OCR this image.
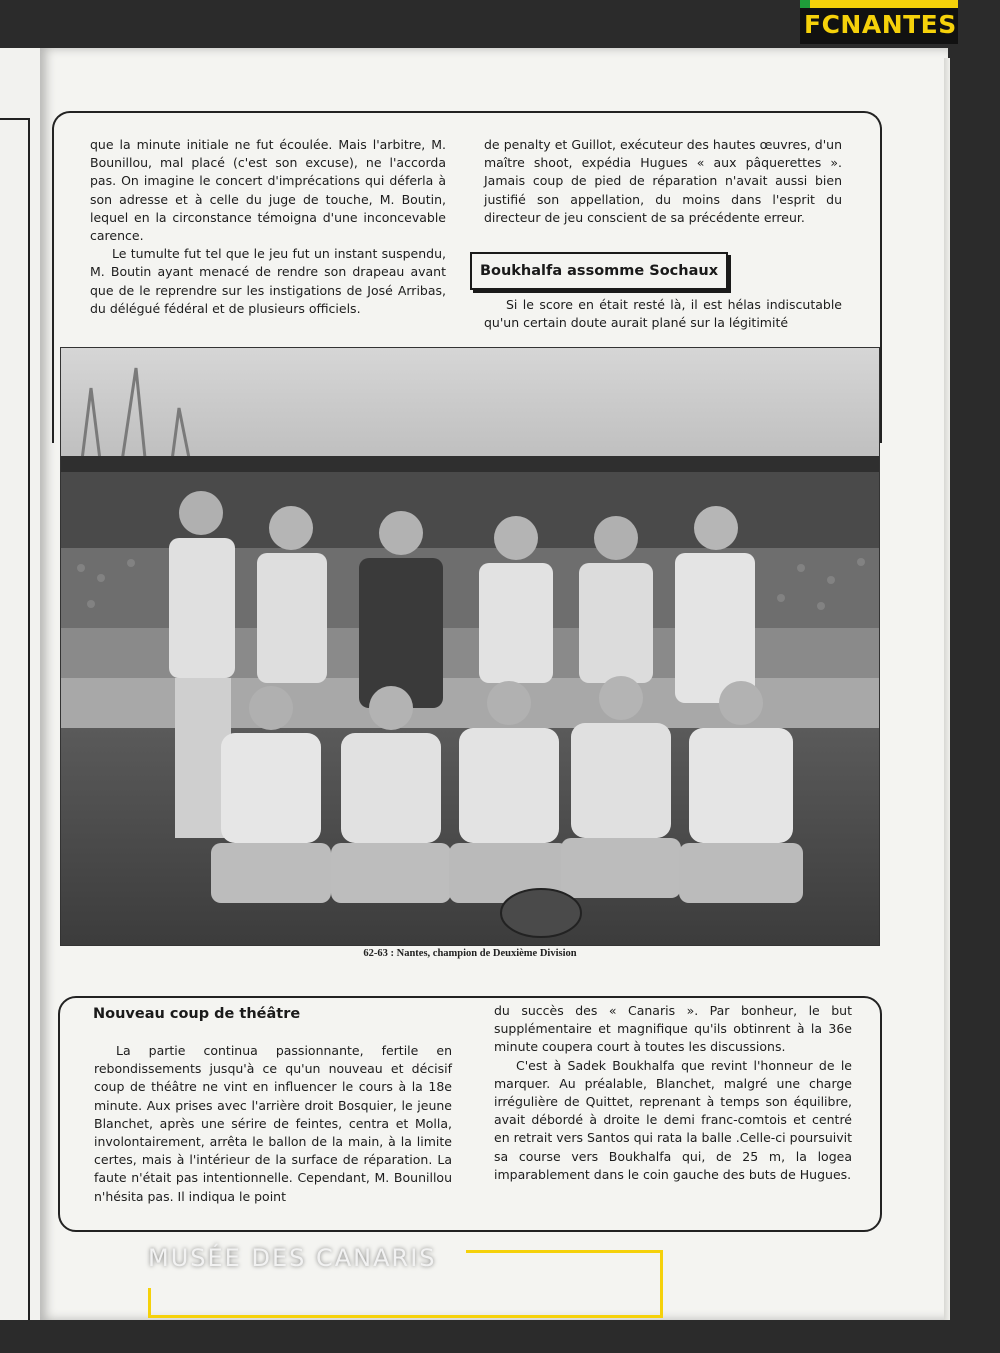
FCNANTES

que la minute initiale ne fut écoulée. Mais l'arbitre, M. Bounillou, mal placé (c'est son excuse), ne l'accorda pas. On imagine le concert d'imprécations qui déferla à son adresse et à celle du juge de touche, M. Boutin, lequel en la circonstance témoigna d'une inconcevable carence.

Le tumulte fut tel que le jeu fut un instant suspendu, M. Boutin ayant menacé de rendre son drapeau avant que de le reprendre sur les instigations de José Arribas, du délégué fédéral et de plusieurs officiels.

de penalty et Guillot, exécuteur des hautes œuvres, d'un maître shoot, expédia Hugues « aux pâquerettes ». Jamais coup de pied de réparation n'avait aussi bien justifié son appellation, du moins dans l'esprit du directeur de jeu conscient de sa précédente erreur.

Boukhalfa assomme Sochaux

Si le score en était resté là, il est hélas indiscutable qu'un certain doute aurait plané sur la légitimité

62-63 : Nantes, champion de Deuxième Division
Nouveau coup de théâtre

La partie continua passionnante, fertile en rebondissements jusqu'à ce qu'un nouveau et décisif coup de théâtre ne vint en influencer le cours à la 18e minute. Aux prises avec l'arrière droit Bosquier, le jeune Blanchet, après une sérire de feintes, centra et Molla, involontairement, arrêta le ballon de la main, à la limite certes, mais à l'intérieur de la surface de réparation. La faute n'était pas intentionnelle. Cependant, M. Bounillou n'hésita pas. Il indiqua le point

du succès des « Canaris ». Par bonheur, le but supplémentaire et magnifique qu'ils obtinrent à la 36e minute coupera court à toutes les discussions.

C'est à Sadek Boukhalfa que revint l'honneur de le marquer. Au préalable, Blanchet, malgré une charge irrégulière de Quittet, reprenant à temps son équilibre, avait débordé à droite le demi franc-comtois et centré en retrait vers Santos qui rata la balle .Celle-ci poursuivit sa course vers Boukhalfa qui, de 25 m, la logea imparablement dans le coin gauche des buts de Hugues.

MUSÉE DES CANARIS
